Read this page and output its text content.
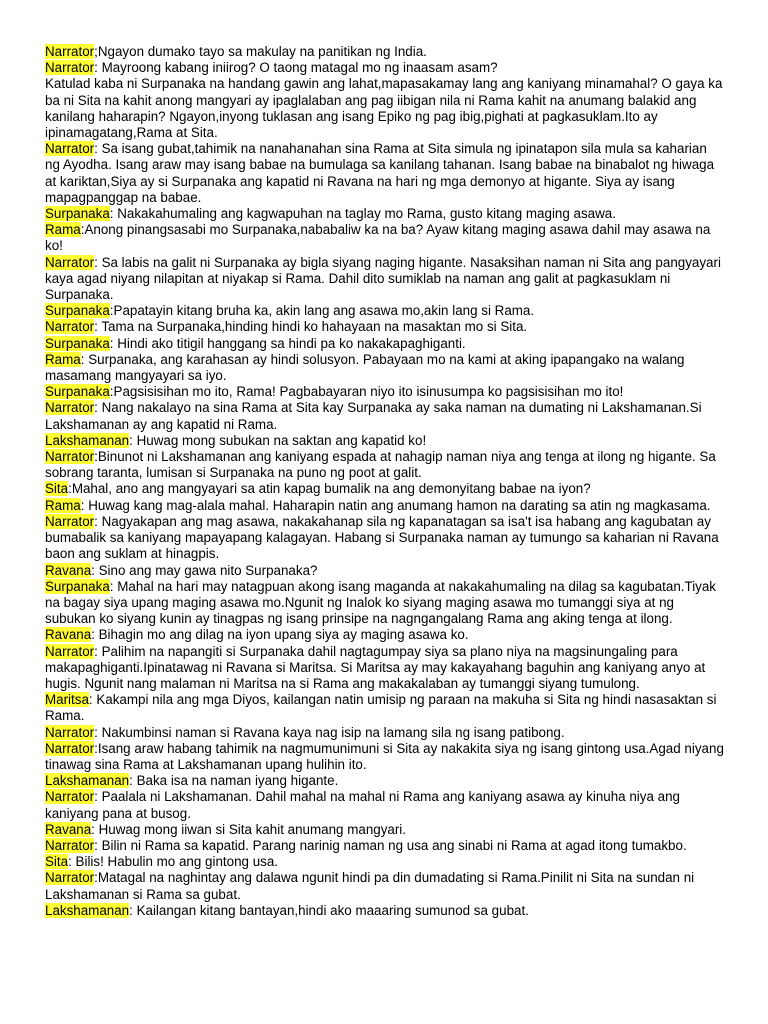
Narrator;Ngayon dumako tayo sa makulay na panitikan ng India.

Narrator: Mayroong kabang iniirog? O taong matagal mo ng inaasam asam?

Katulad kaba ni Surpanaka na handang gawin ang lahat,mapasakamay lang ang kaniyang minamahal? O gaya ka ba ni Sita na kahit anong mangyari ay ipaglalaban ang pag iibigan nila ni Rama kahit na anumang balakid ang kanilang haharapin? Ngayon,inyong tuklasan ang isang Epiko ng pag ibig,pighati at pagkasuklam.Ito ay ipinamagatang,Rama at Sita.

Narrator: Sa isang gubat,tahimik na nanahanahan sina Rama at Sita simula ng ipinatapon sila mula sa kaharian ng Ayodha. Isang araw may isang babae na bumulaga sa kanilang tahanan. Isang babae na binabalot ng hiwaga at kariktan,Siya ay si Surpanaka ang kapatid ni Ravana na hari ng mga demonyo at higante. Siya ay isang mapagpanggap na babae.

Surpanaka: Nakakahumaling ang kagwapuhan na taglay mo Rama, gusto kitang maging asawa.

Rama:Anong pinangsasabi mo Surpanaka,nababaliw ka na ba? Ayaw kitang maging asawa dahil may asawa na ko!

Narrator: Sa labis na galit ni Surpanaka ay bigla siyang naging higante. Nasaksihan naman ni Sita ang pangyayari kaya agad niyang nilapitan at niyakap si Rama. Dahil dito sumiklab na naman ang galit at pagkasuklam ni Surpanaka.

Surpanaka:Papatayin kitang bruha ka, akin lang ang asawa mo,akin lang si Rama.

Narrator: Tama na Surpanaka,hinding hindi ko hahayaan na masaktan mo si Sita.

Surpanaka: Hindi ako titigil hanggang sa hindi pa ko nakakapaghiganti.

Rama: Surpanaka, ang karahasan ay hindi solusyon. Pabayaan mo na kami at aking ipapangako na walang masamang mangyayari sa iyo.

Surpanaka:Pagsisisihan mo ito, Rama! Pagbabayaran niyo ito isinusumpa ko pagsisisihan mo ito!

Narrator: Nang nakalayo na sina Rama at Sita kay Surpanaka ay saka naman na dumating ni Lakshamanan.Si Lakshamanan ay ang kapatid ni Rama.

Lakshamanan: Huwag mong subukan na saktan ang kapatid ko!

Narrator:Binunot ni Lakshamanan ang kaniyang espada at nahagip naman niya ang tenga at ilong ng higante. Sa sobrang taranta, lumisan si Surpanaka na puno ng poot at galit.

Sita:Mahal, ano ang mangyayari sa atin kapag bumalik na ang demonyitang babae na iyon?

Rama: Huwag kang mag-alala mahal. Haharapin natin ang anumang hamon na darating sa atin ng magkasama.

Narrator: Nagyakapan ang mag asawa, nakakahanap sila ng kapanatagan sa isa't isa habang ang kagubatan ay bumabalik sa kaniyang mapayapang kalagayan. Habang si Surpanaka naman ay tumungo sa kaharian ni Ravana baon ang suklam at hinagpis.

Ravana: Sino ang may gawa nito Surpanaka?

Surpanaka: Mahal na hari may natagpuan akong isang maganda at nakakahumaling na dilag sa kagubatan.Tiyak na bagay siya upang maging asawa mo.Ngunit ng Inalok ko siyang maging asawa mo tumanggi siya at ng subukan ko siyang kunin ay tinagpas ng isang prinsipe na nagngangalang Rama ang aking tenga at ilong.

Ravana: Bihagin mo ang dilag na iyon upang siya ay maging asawa ko.

Narrator: Palihim na napangiti si Surpanaka dahil nagtagumpay siya sa plano niya na magsinungaling para makapaghiganti.Ipinatawag ni Ravana si Maritsa. Si Maritsa ay may kakayahang baguhin ang kaniyang anyo at hugis. Ngunit nang malaman ni Maritsa na si Rama ang makakalaban ay tumanggi siyang tumulong.

Maritsa: Kakampi nila ang mga Diyos, kailangan natin umisip ng paraan na makuha si Sita ng hindi nasasaktan si Rama.

Narrator: Nakumbinsi naman si Ravana kaya nag isip na lamang sila ng isang patibong.

Narrator:Isang araw habang tahimik na nagmumunimuni si Sita ay nakakita siya ng isang gintong usa.Agad niyang tinawag sina Rama at Lakshamanan upang hulihin ito.

Lakshamanan: Baka isa na naman iyang higante.

Narrator: Paalala ni Lakshamanan. Dahil mahal na mahal ni Rama ang kaniyang asawa ay kinuha niya ang kaniyang pana at busog.

Ravana: Huwag mong iiwan si Sita kahit anumang mangyari.

Narrator: Bilin ni Rama sa kapatid. Parang narinig naman ng usa ang sinabi ni Rama at agad itong tumakbo.

Sita: Bilis! Habulin mo ang gintong usa.

Narrator:Matagal na naghintay ang dalawa ngunit hindi pa din dumadating si Rama.Pinilit ni Sita na sundan ni Lakshamanan si Rama sa gubat.

Lakshamanan: Kailangan kitang bantayan,hindi ako maaaring sumunod sa gubat.
